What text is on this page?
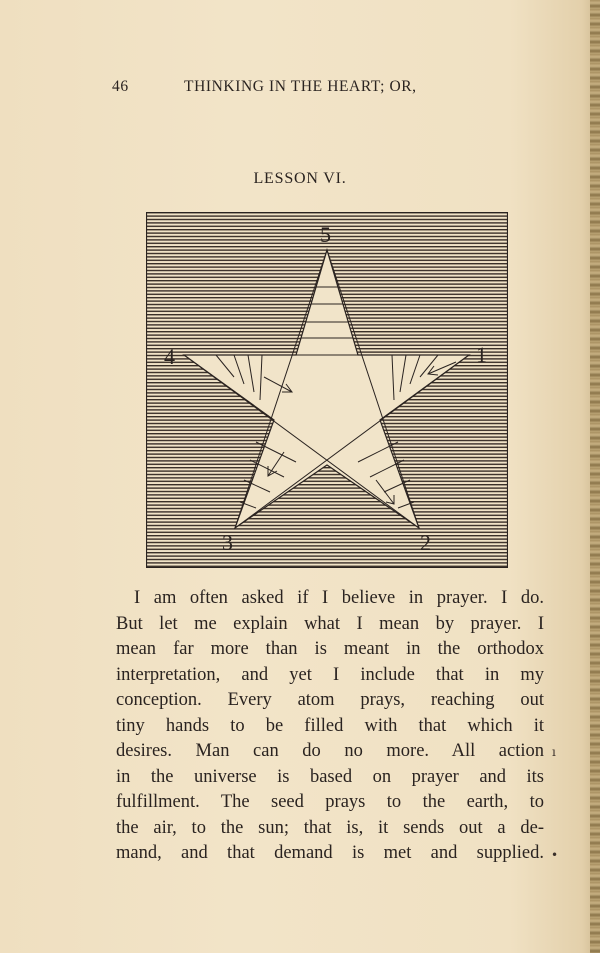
46	THINKING IN THE HEART; OR,
LESSON VI.
5
4	1
3	2
I am often asked if I believe in prayer. I do.
But let me explain what I mean by prayer. I
mean far more than is meant in the orthodox
interpretation, and yet I include that in my
conception. Every atom prays, reaching out
tiny hands to be filled with that which it
desires. Man can do no more. All action
in the universe is based on prayer and its
fulfillment. The seed prays to the earth, to
the air, to the sun; that is, it sends out a de-
mand, and that demand is met and supplied.
ı
•
